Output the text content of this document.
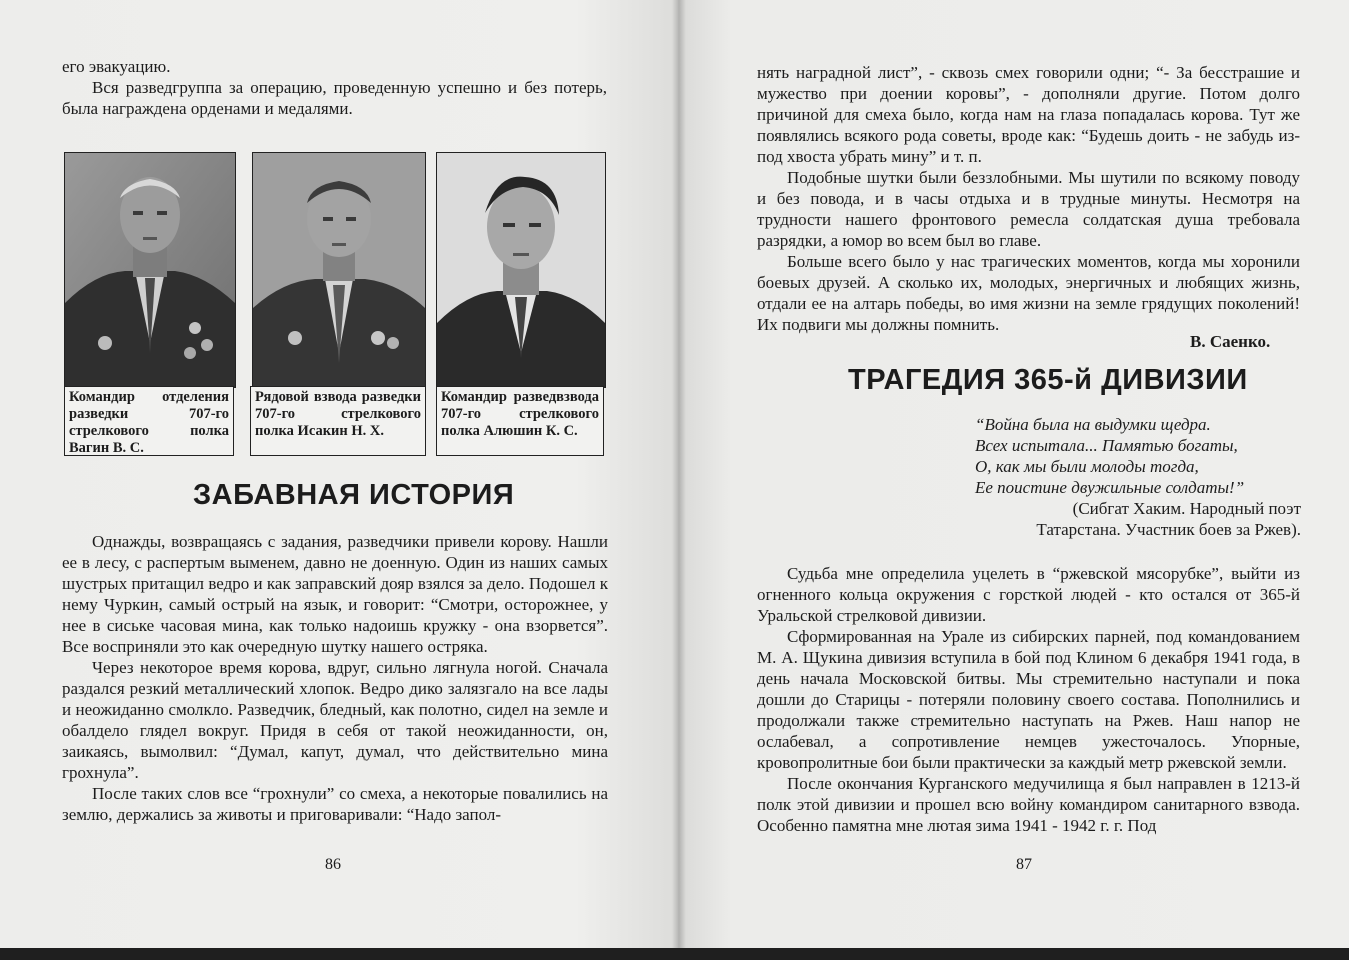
его эвакуацию.

Вся разведгруппа за операцию, проведенную успешно и без потерь, была награждена орденами и медалями.

Командир отделения разведки 707-го стрелкового полка Вагин В. С.
Рядовой взвода разведки 707-го стрелкового полка Исакин Н. Х.
Командир разведвзвода 707-го стрелкового полка Алюшин К. С.
ЗАБАВНАЯ ИСТОРИЯ

Однажды, возвращаясь с задания, разведчики привели корову. Нашли ее в лесу, с распертым выменем, давно не доенную. Один из наших самых шустрых притащил ведро и как заправский дояр взялся за дело. Подошел к нему Чуркин, самый острый на язык, и говорит: “Смотри, осторожнее, у нее в сиське часовая мина, как только надоишь кружку - она взорвется”. Все восприняли это как очередную шутку нашего остряка.

Через некоторое время корова, вдруг, сильно лягнула ногой. Сначала раздался резкий металлический хлопок. Ведро дико залязгало на все лады и неожиданно смолкло. Разведчик, бледный, как полотно, сидел на земле и обалдело глядел вокруг. Придя в себя от такой неожиданности, он, заикаясь, вымолвил: “Думал, капут, думал, что действительно мина грохнула”.

После таких слов все “грохнули” со смеха, а некоторые повалились на землю, держались за животы и приговаривали: “Надо запол-

86

нять наградной лист”, - сквозь смех говорили одни; “- За бесстрашие и мужество при доении коровы”, - дополняли другие. Потом долго причиной для смеха было, когда нам на глаза попадалась корова. Тут же появлялись всякого рода советы, вроде как: “Будешь доить - не забудь из-под хвоста убрать мину” и т. п.

Подобные шутки были беззлобными. Мы шутили по всякому поводу и без повода, и в часы отдыха и в трудные минуты. Несмотря на трудности нашего фронтового ремесла солдатская душа требовала разрядки, а юмор во всем был во главе.

Больше всего было у нас трагических моментов, когда мы хоронили боевых друзей. А сколько их, молодых, энергичных и любящих жизнь, отдали ее на алтарь победы, во имя жизни на земле грядущих поколений! Их подвиги мы должны помнить.

В. Саенко.
ТРАГЕДИЯ 365-й ДИВИЗИИ
“Война была на выдумки щедра.
Всех испытала... Памятью богаты,
О, как мы были молоды тогда,
Ее поистине двужильные солдаты!”
(Сибгат Хаким. Народный поэт
Татарстана. Участник боев за Ржев).

Судьба мне определила уцелеть в “ржевской мясорубке”, выйти из огненного кольца окружения с горсткой людей - кто остался от 365-й Уральской стрелковой дивизии.

Сформированная на Урале из сибирских парней, под командованием М. А. Щукина дивизия вступила в бой под Клином 6 декабря 1941 года, в день начала Московской битвы. Мы стремительно наступали и пока дошли до Старицы - потеряли половину своего состава. Пополнились и продолжали также стремительно наступать на Ржев. Наш напор не ослабевал, а сопротивление немцев ужесточалось. Упорные, кровопролитные бои были практически за каждый метр ржевской земли.

После окончания Курганского медучилища я был направлен в 1213-й полк этой дивизии и прошел всю войну командиром санитарного взвода. Особенно памятна мне лютая зима 1941 - 1942 г. г. Под

87
